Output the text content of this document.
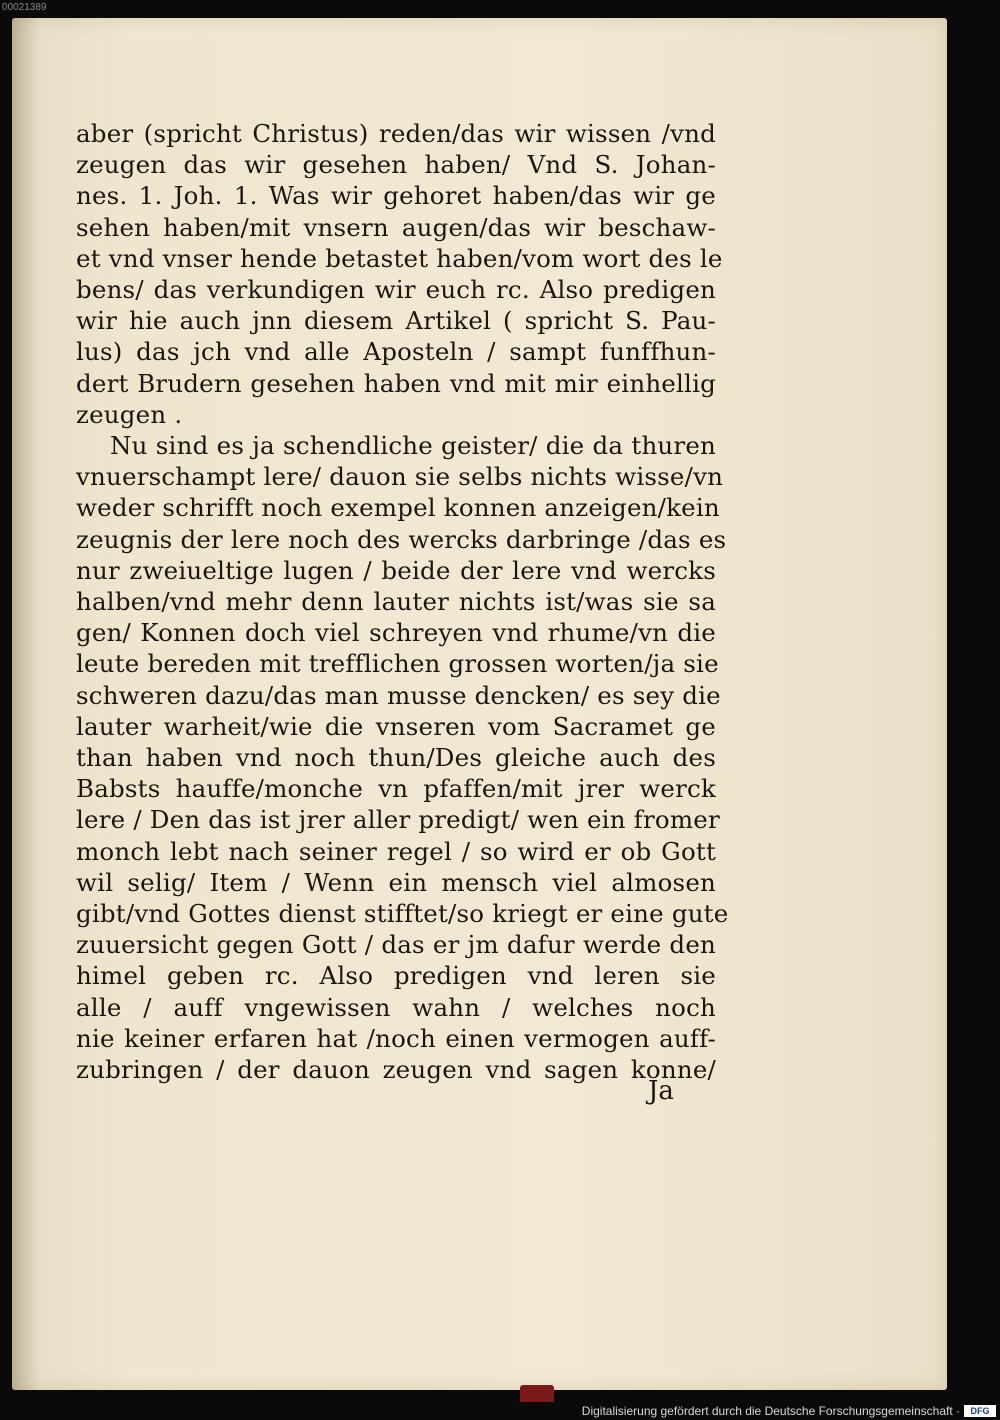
00021389
aber (spricht Christus) reden/das wir wissen /vnd
zeugen das wir gesehen haben/ Vnd S. Johan-
nes. 1. Joh. 1. Was wir gehoret haben/das wir ge
sehen haben/mit vnsern augen/das wir beschaw-
et vnd vnser hende betastet haben/vom wort des le
bens/ das verkundigen wir euch rc. Also predigen
wir hie auch jnn diesem Artikel ( spricht S. Pau-
lus) das jch vnd alle Aposteln / sampt funffhun-
dert Brudern gesehen haben vnd mit mir einhellig
zeugen .
Nu sind es ja schendliche geister/ die da thuren
vnuerschampt lere/ dauon sie selbs nichts wisse/vn
weder schrifft noch exempel konnen anzeigen/kein
zeugnis der lere noch des wercks darbringe /das es
nur zweiueltige lugen / beide der lere vnd wercks
halben/vnd mehr denn lauter nichts ist/was sie sa
gen/ Konnen doch viel schreyen vnd rhume/vn die
leute bereden mit trefflichen grossen worten/ja sie
schweren dazu/das man musse dencken/ es sey die
lauter warheit/wie die vnseren vom Sacramet ge
than haben vnd noch thun/Des gleiche auch des
Babsts hauffe/monche vn pfaffen/mit jrer werck
lere / Den das ist jrer aller predigt/ wen ein fromer
monch lebt nach seiner regel / so wird er ob Gott
wil selig/ Item / Wenn ein mensch viel almosen
gibt/vnd Gottes dienst stifftet/so kriegt er eine gute
zuuersicht gegen Gott / das er jm dafur werde den
himel geben rc. Also predigen vnd leren sie
alle / auff vngewissen wahn / welches noch
nie keiner erfaren hat /noch einen vermogen auff-
zubringen / der dauon zeugen vnd sagen konne/
Ja
Digitalisierung gefördert durch die Deutsche Forschungsgemeinschaft ·	DFG
